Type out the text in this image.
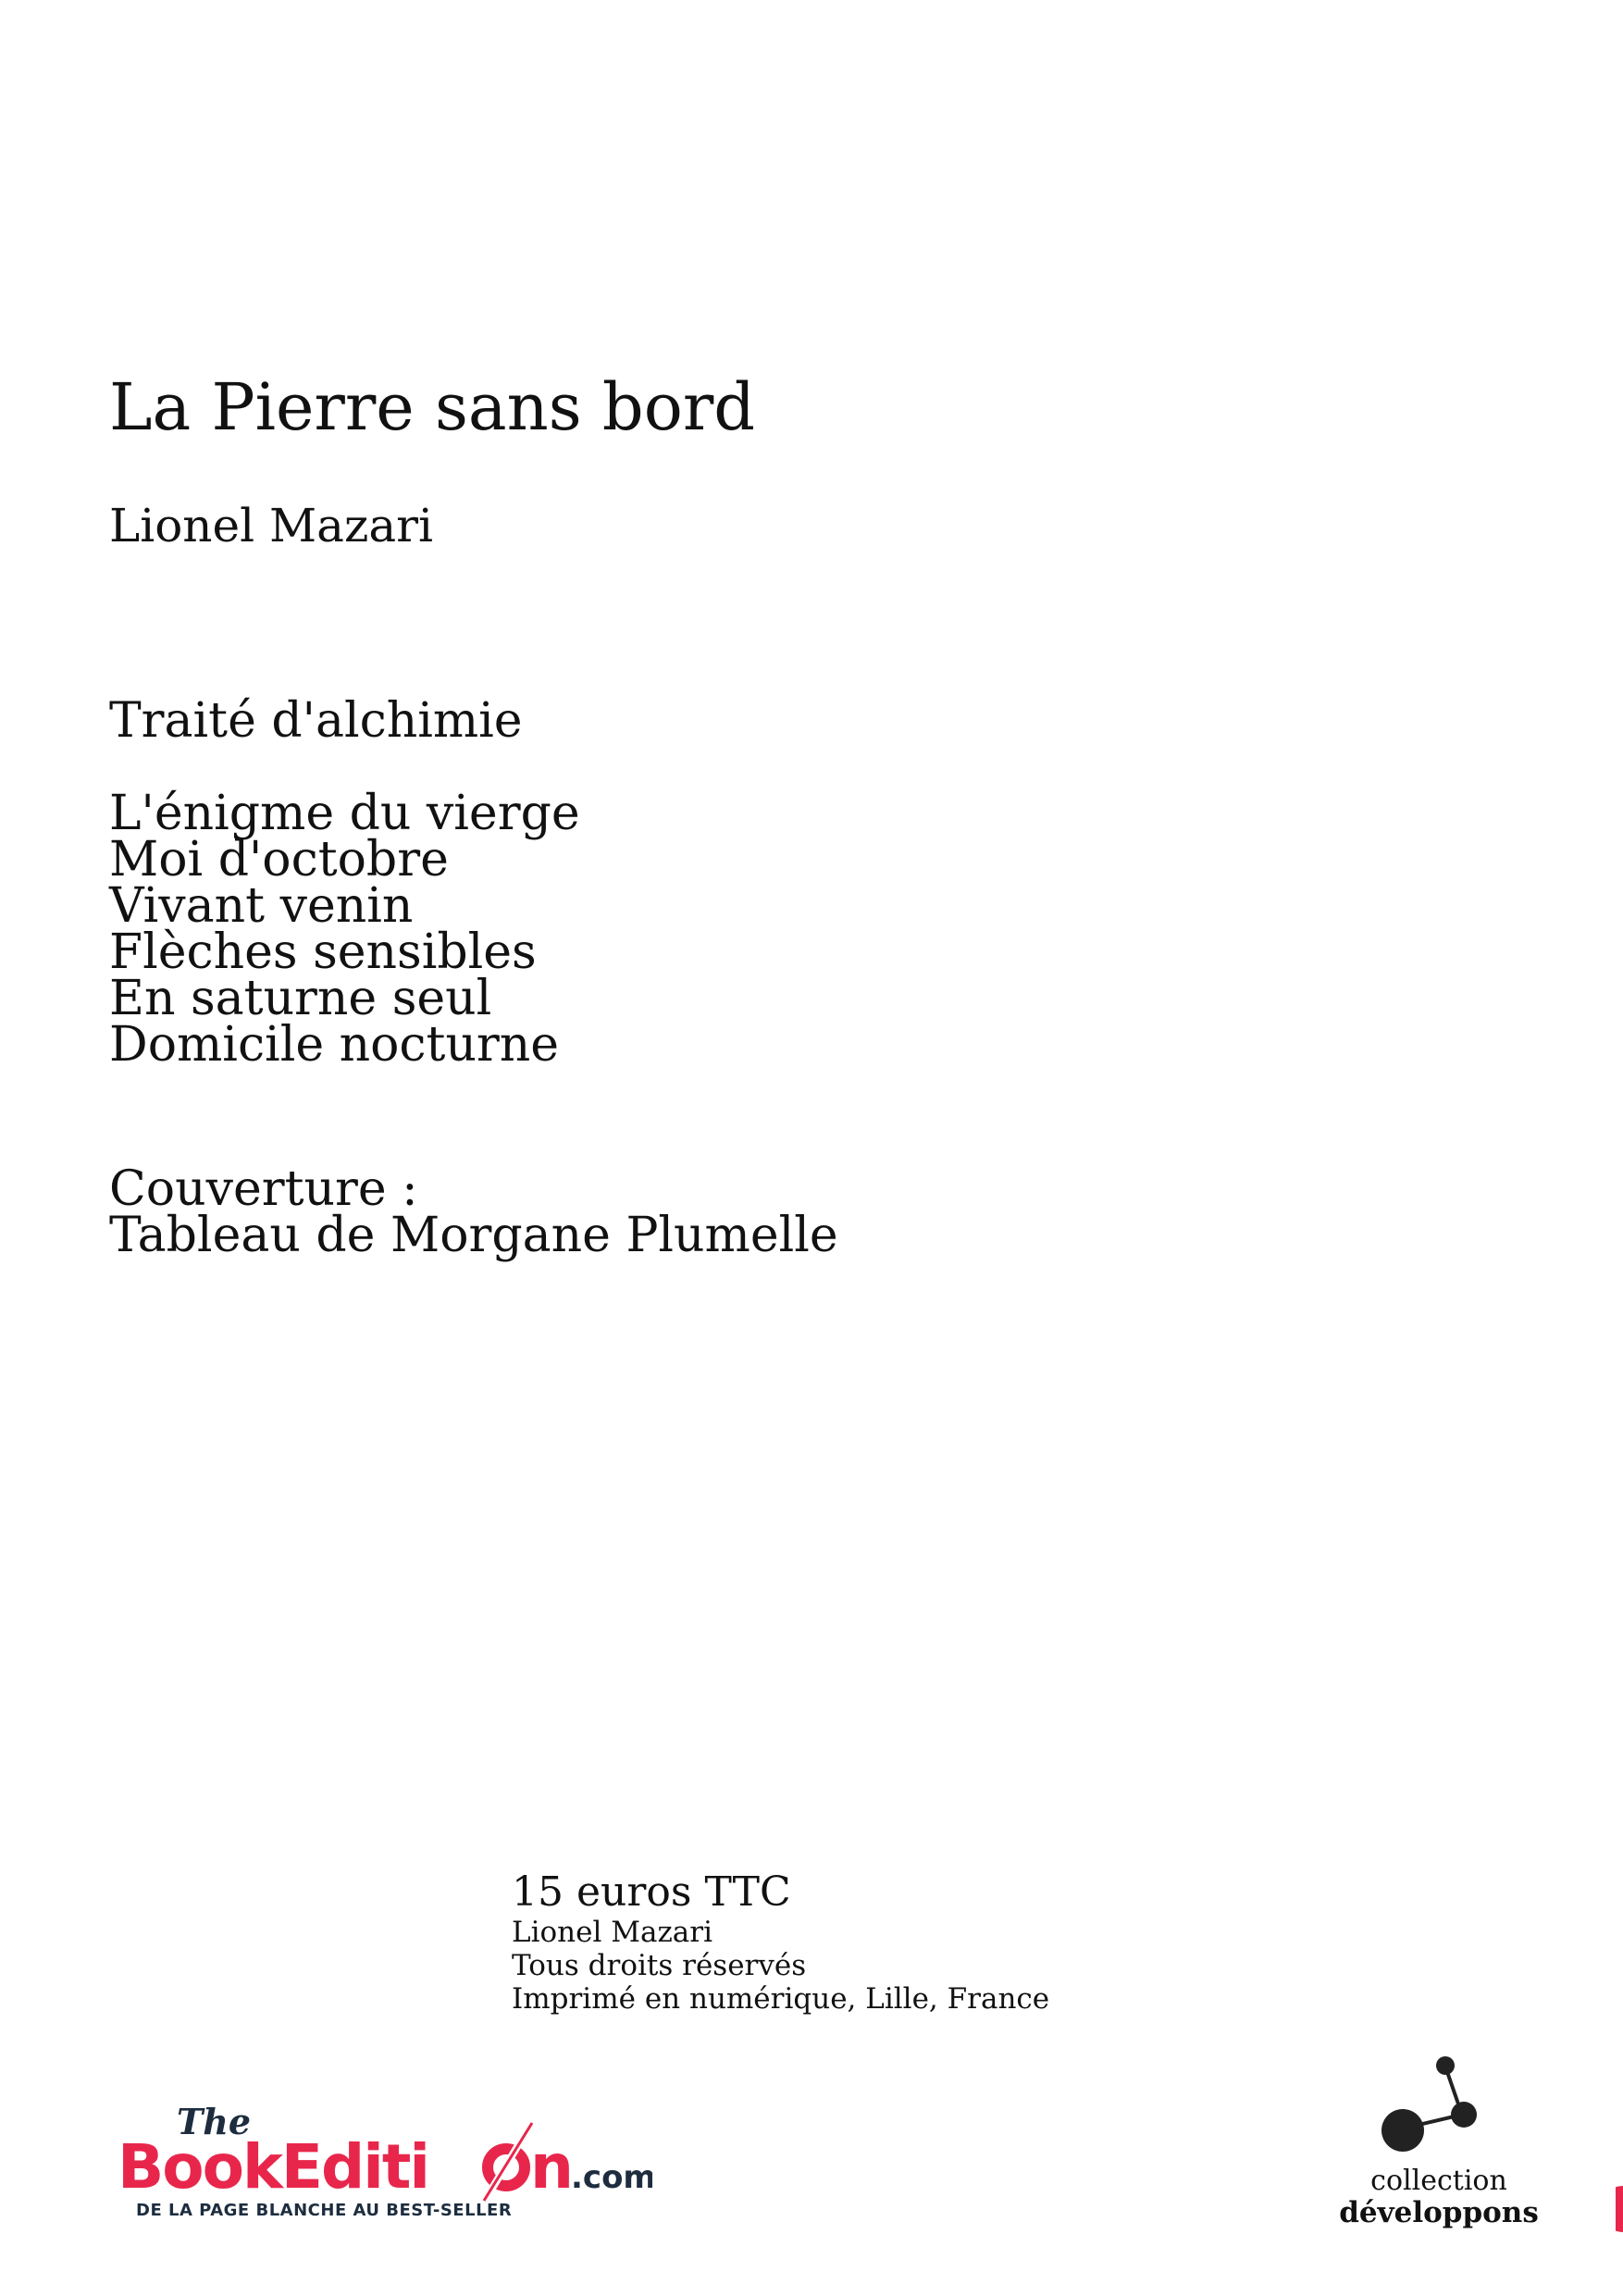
La Pierre sans bord
Lionel Mazari
Traité d'alchimie
L'énigme du vierge
Moi d'octobre
Vivant venin
Flèches sensibles
En saturne seul
Domicile nocturne
Couverture :
Tableau de Morgane Plumelle
15 euros TTC
Lionel Mazari
Tous droits réservés
Imprimé en numérique, Lille, France
The
BookEditi n .com
DE LA PAGE BLANCHE AU BEST-SELLER
collection
développons
